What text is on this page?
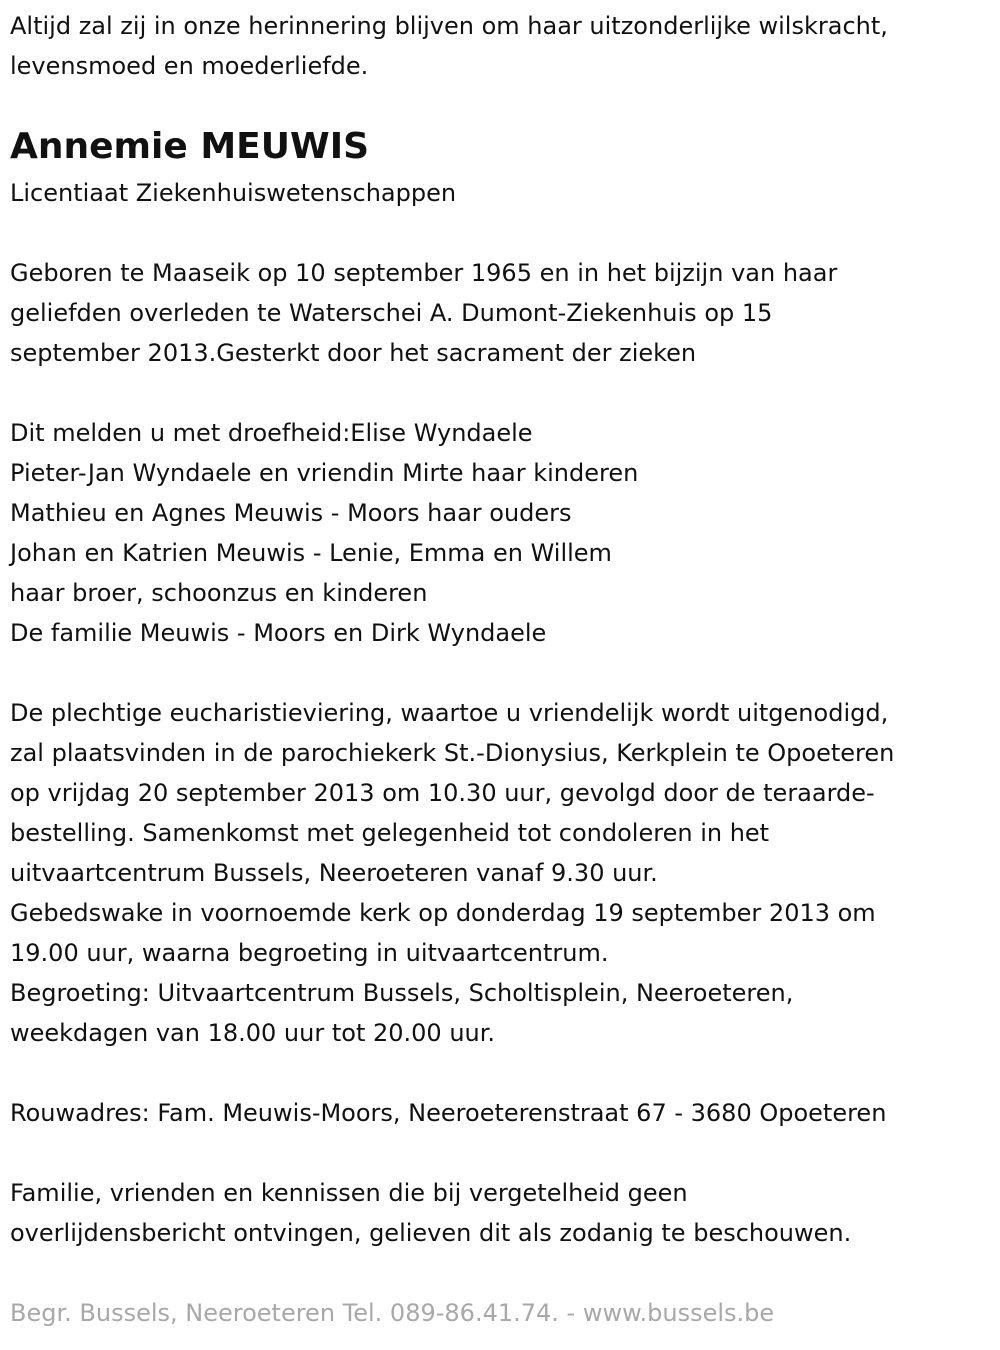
Altijd zal zij in onze herinnering blijven om haar uitzonderlijke wilskracht,
levensmoed en moederliefde.
Annemie MEUWIS
Licentiaat Ziekenhuiswetenschappen
Geboren te Maaseik op 10 september 1965 en in het bijzijn van haar
geliefden overleden te Waterschei A. Dumont-Ziekenhuis op 15
september 2013.Gesterkt door het sacrament der zieken
Dit melden u met droefheid:Elise Wyndaele
Pieter-Jan Wyndaele en vriendin Mirte haar kinderen
Mathieu en Agnes Meuwis - Moors haar ouders
Johan en Katrien Meuwis - Lenie, Emma en Willem
haar broer, schoonzus en kinderen
De familie Meuwis - Moors en Dirk Wyndaele
De plechtige eucharistieviering, waartoe u vriendelijk wordt uitgenodigd,
zal plaatsvinden in de parochiekerk St.-Dionysius, Kerkplein te Opoeteren
op vrijdag 20 september 2013 om 10.30 uur, gevolgd door de teraarde-
bestelling. Samenkomst met gelegenheid tot condoleren in het
uitvaartcentrum Bussels, Neeroeteren vanaf 9.30 uur.
Gebedswake in voornoemde kerk op donderdag 19 september 2013 om
19.00 uur, waarna begroeting in uitvaartcentrum.
Begroeting: Uitvaartcentrum Bussels, Scholtisplein, Neeroeteren,
weekdagen van 18.00 uur tot 20.00 uur.
Rouwadres: Fam. Meuwis-Moors, Neeroeterenstraat 67 - 3680 Opoeteren
Familie, vrienden en kennissen die bij vergetelheid geen
overlijdensbericht ontvingen, gelieven dit als zodanig te beschouwen.
Begr. Bussels, Neeroeteren Tel. 089-86.41.74. - www.bussels.be
